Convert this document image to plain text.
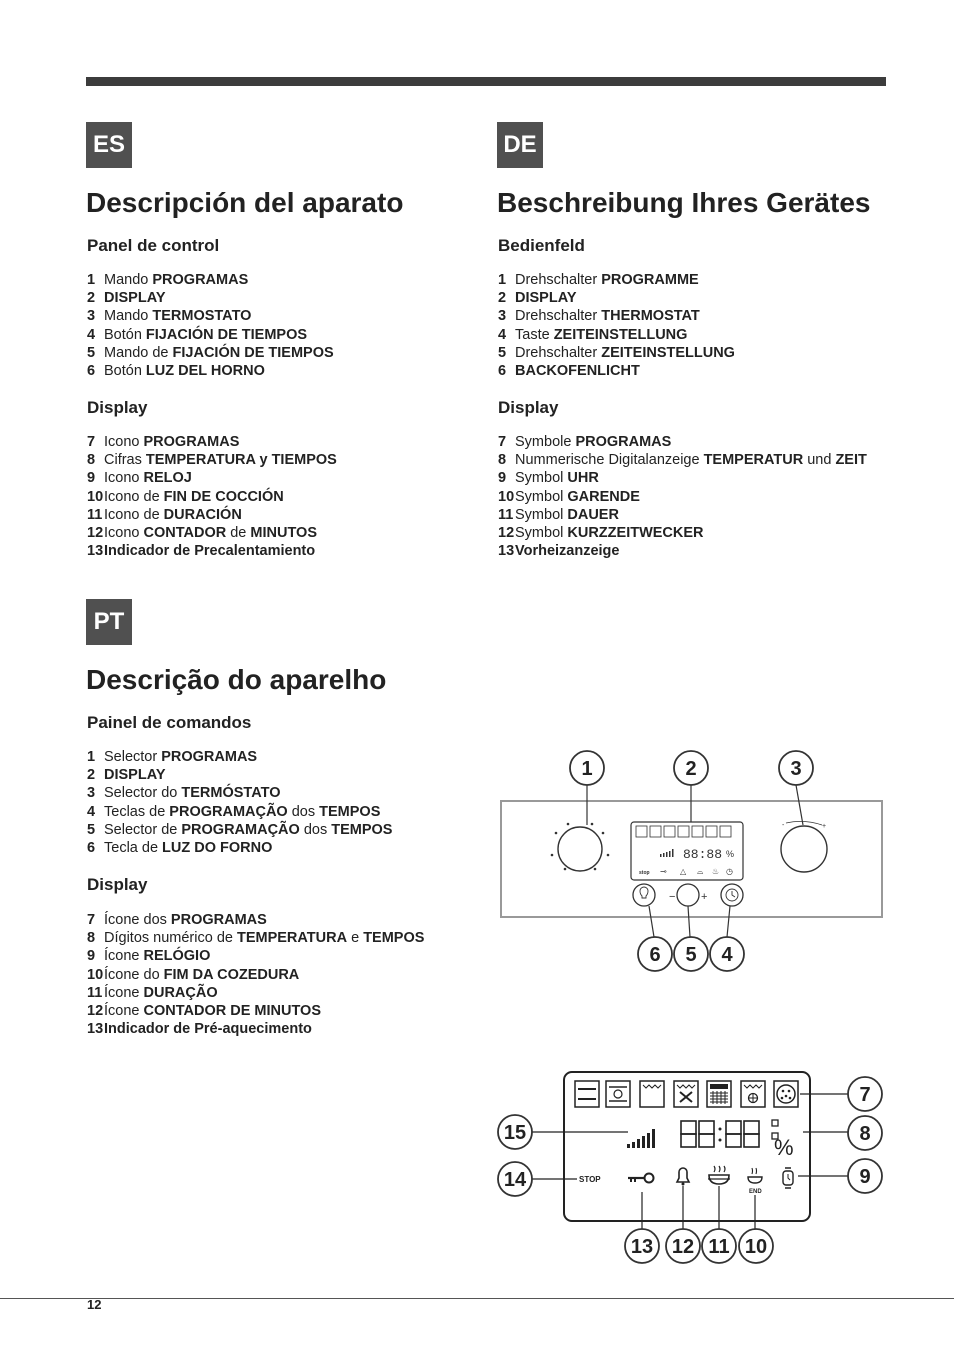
ES
Descripción del aparato
Panel de control
1 Mando PROGRAMAS
2 DISPLAY
3 Mando TERMOSTATO
4 Botón FIJACIÓN DE TIEMPOS
5 Mando de FIJACIÓN DE TIEMPOS
6 Botón LUZ DEL HORNO
Display
7 Icono PROGRAMAS
8 Cifras TEMPERATURA y TIEMPOS
9 Icono RELOJ
10 Icono de FIN DE COCCIÓN
11 Icono de DURACIÓN
12 Icono CONTADOR de MINUTOS
13 Indicador de Precalentamiento
DE
Beschreibung Ihres Gerätes
Bedienfeld
1 Drehschalter PROGRAMME
2 DISPLAY
3 Drehschalter THERMOSTAT
4 Taste ZEITEINSTELLUNG
5 Drehschalter ZEITEINSTELLUNG
6 BACKOFENLICHT
Display
7 Symbole PROGRAMAS
8 Nummerische Digitalanzeige TEMPERATUR und ZEIT
9 Symbol UHR
10 Symbol GARENDE
11 Symbol DAUER
12 Symbol KURZZEITWECKER
13 Vorheizanzeige
PT
Descrição do aparelho
Painel de comandos
1 Selector PROGRAMAS
2 DISPLAY
3 Selector do TERMÓSTATO
4 Teclas de PROGRAMAÇÃO dos TEMPOS
5 Selector de PROGRAMAÇÃO dos TEMPOS
6 Tecla de LUZ DO FORNO
Display
7 Ícone dos PROGRAMAS
8 Dígitos numérico de TEMPERATURA e TEMPOS
9 Ícone RELÓGIO
10 Ícone do FIM DA COZEDURA
11 Ícone DURAÇÃO
12 Ícone CONTADOR DE MINUTOS
13 Indicador de Pré-aquecimento
1	2	3
88:88 %
stop ⊸ △ ⌓ ♨ ◷
-	+
− +
6 5 4
%
STOP
END
15
14
7
8
9
13 12 11 10
12
